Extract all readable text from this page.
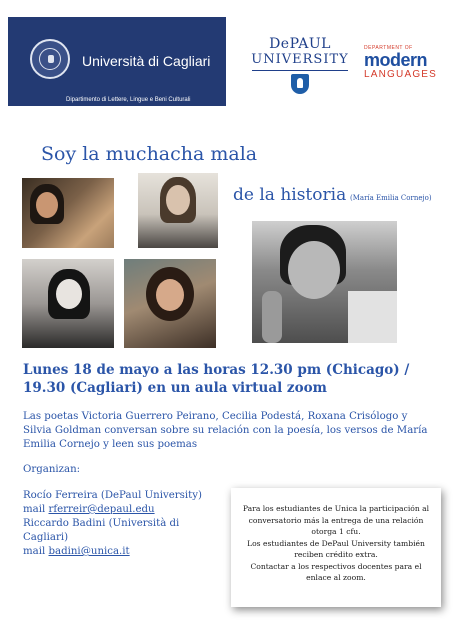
Università di Cagliari
Dipartimento di Lettere, Lingue e Beni Culturali
DePAUL
UNIVERSITY
DEPARTMENT OF
modern
LANGUAGES
Soy la muchacha mala
de la historia (María Emilia Cornejo)
Lunes 18 de mayo a las horas 12.30 pm (Chicago) / 19.30 (Cagliari) en un aula virtual zoom
Las poetas Victoria Guerrero Peirano, Cecilia Podestá, Roxana Crisólogo y Silvia Goldman conversan sobre su relación con la poesía, los versos de María Emilia Cornejo y leen sus poemas
Organizan:
Rocío Ferreira (DePaul University)
mail rferreir@depaul.edu
Riccardo Badini (Università di Cagliari)
mail badini@unica.it
Para los estudiantes de Unica la participación al conversatorio más la entrega de una relación otorga 1 cfu.
Los estudiantes de DePaul University también reciben crédito extra.
Contactar a los respectivos docentes para el enlace al zoom.
